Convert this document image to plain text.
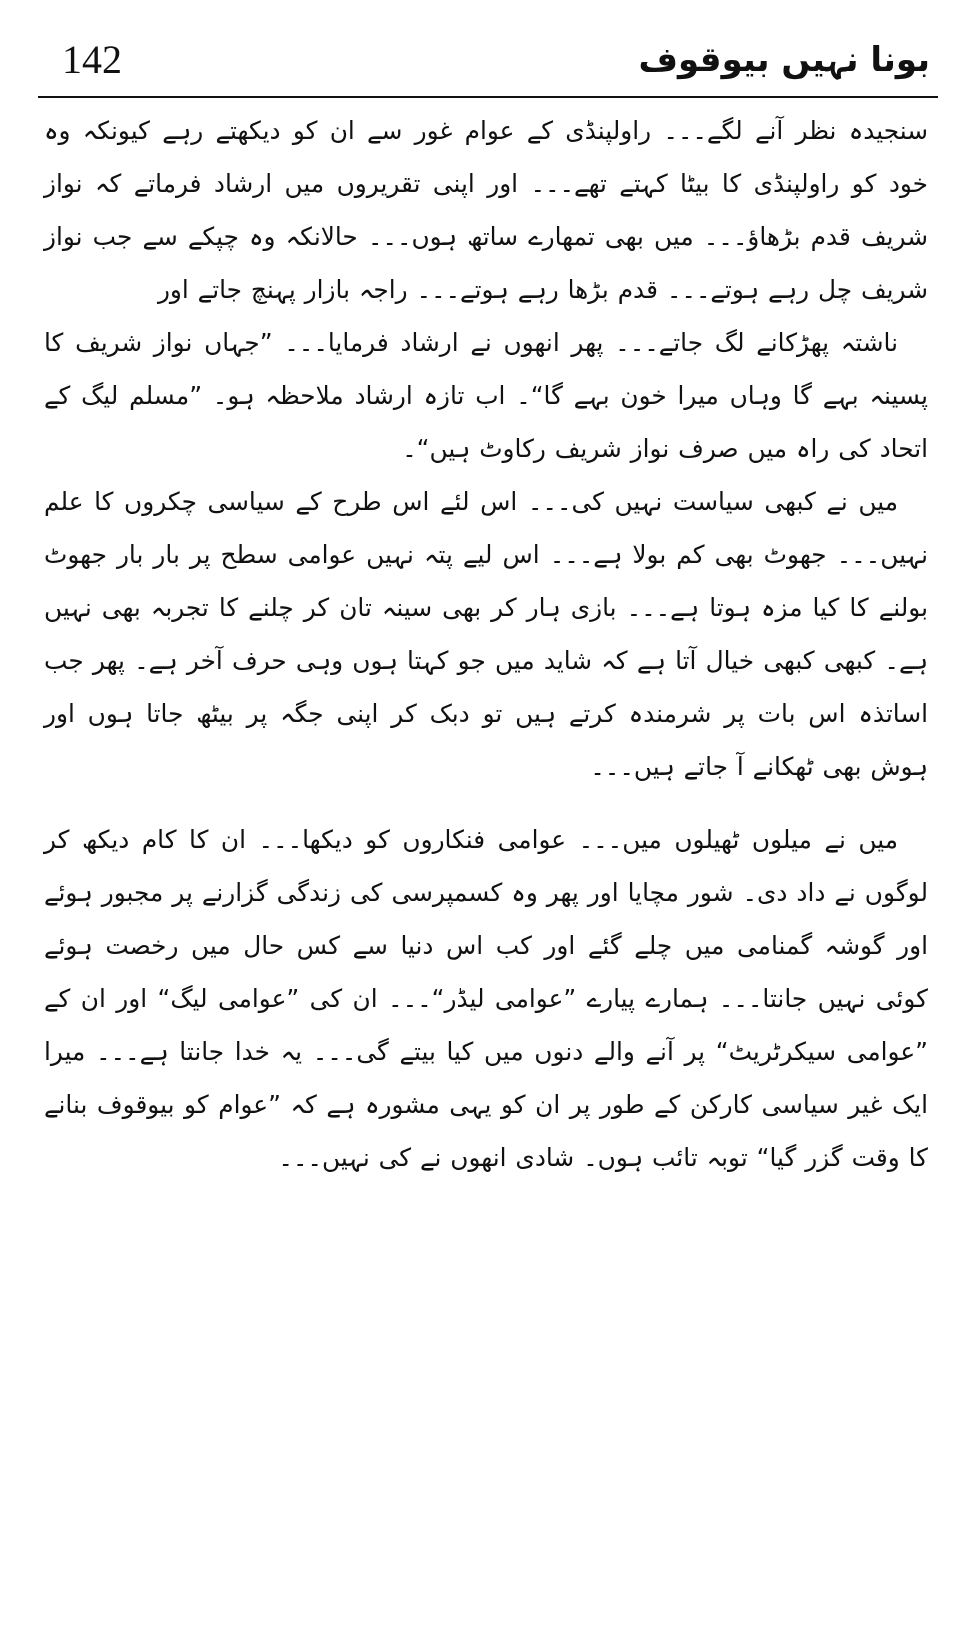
142	بونا نہیں بیوقوف

سنجیدہ نظر آنے لگے۔۔۔ راولپنڈی کے عوام غور سے ان کو دیکھتے رہے کیونکہ وہ خود کو راولپنڈی کا بیٹا کہتے تھے۔۔۔ اور اپنی تقریروں میں ارشاد فرماتے کہ نواز شریف قدم بڑھاؤ۔۔۔ میں بھی تمھارے ساتھ ہوں۔۔۔ حالانکہ وہ چپکے سے جب نواز شریف چل رہے ہوتے۔۔۔ قدم بڑھا رہے ہوتے۔۔۔ راجہ بازار پہنچ جاتے اور

ناشتہ پھڑکانے لگ جاتے۔۔۔ پھر انھوں نے ارشاد فرمایا۔۔۔ ”جہاں نواز شریف کا پسینہ بہے گا وہاں میرا خون بہے گا“۔ اب تازہ ارشاد ملاحظہ ہو۔ ”مسلم لیگ کے اتحاد کی راہ میں صرف نواز شریف رکاوٹ ہیں“۔

میں نے کبھی سیاست نہیں کی۔۔۔ اس لئے اس طرح کے سیاسی چکروں کا علم نہیں۔۔۔ جھوٹ بھی کم بولا ہے۔۔۔ اس لیے پتہ نہیں عوامی سطح پر بار بار جھوٹ بولنے کا کیا مزہ ہوتا ہے۔۔۔ بازی ہار کر بھی سینہ تان کر چلنے کا تجربہ بھی نہیں ہے۔ کبھی کبھی خیال آتا ہے کہ شاید میں جو کہتا ہوں وہی حرف آخر ہے۔ پھر جب اساتذہ اس بات پر شرمندہ کرتے ہیں تو دبک کر اپنی جگہ پر بیٹھ جاتا ہوں اور ہوش بھی ٹھکانے آ جاتے ہیں۔۔۔

میں نے میلوں ٹھیلوں میں۔۔۔ عوامی فنکاروں کو دیکھا۔۔۔ ان کا کام دیکھ کر لوگوں نے داد دی۔ شور مچایا اور پھر وہ کسمپرسی کی زندگی گزارنے پر مجبور ہوئے اور گوشہ گمنامی میں چلے گئے اور کب اس دنیا سے کس حال میں رخصت ہوئے کوئی نہیں جانتا۔۔۔ ہمارے پیارے ”عوامی لیڈر“۔۔۔ ان کی ”عوامی لیگ“ اور ان کے ”عوامی سیکرٹریٹ“ پر آنے والے دنوں میں کیا بیتے گی۔۔۔ یہ خدا جانتا ہے۔۔۔ میرا ایک غیر سیاسی کارکن کے طور پر ان کو یہی مشورہ ہے کہ ”عوام کو بیوقوف بنانے کا وقت گزر گیا“ توبہ تائب ہوں۔ شادی انھوں نے کی نہیں۔۔۔
